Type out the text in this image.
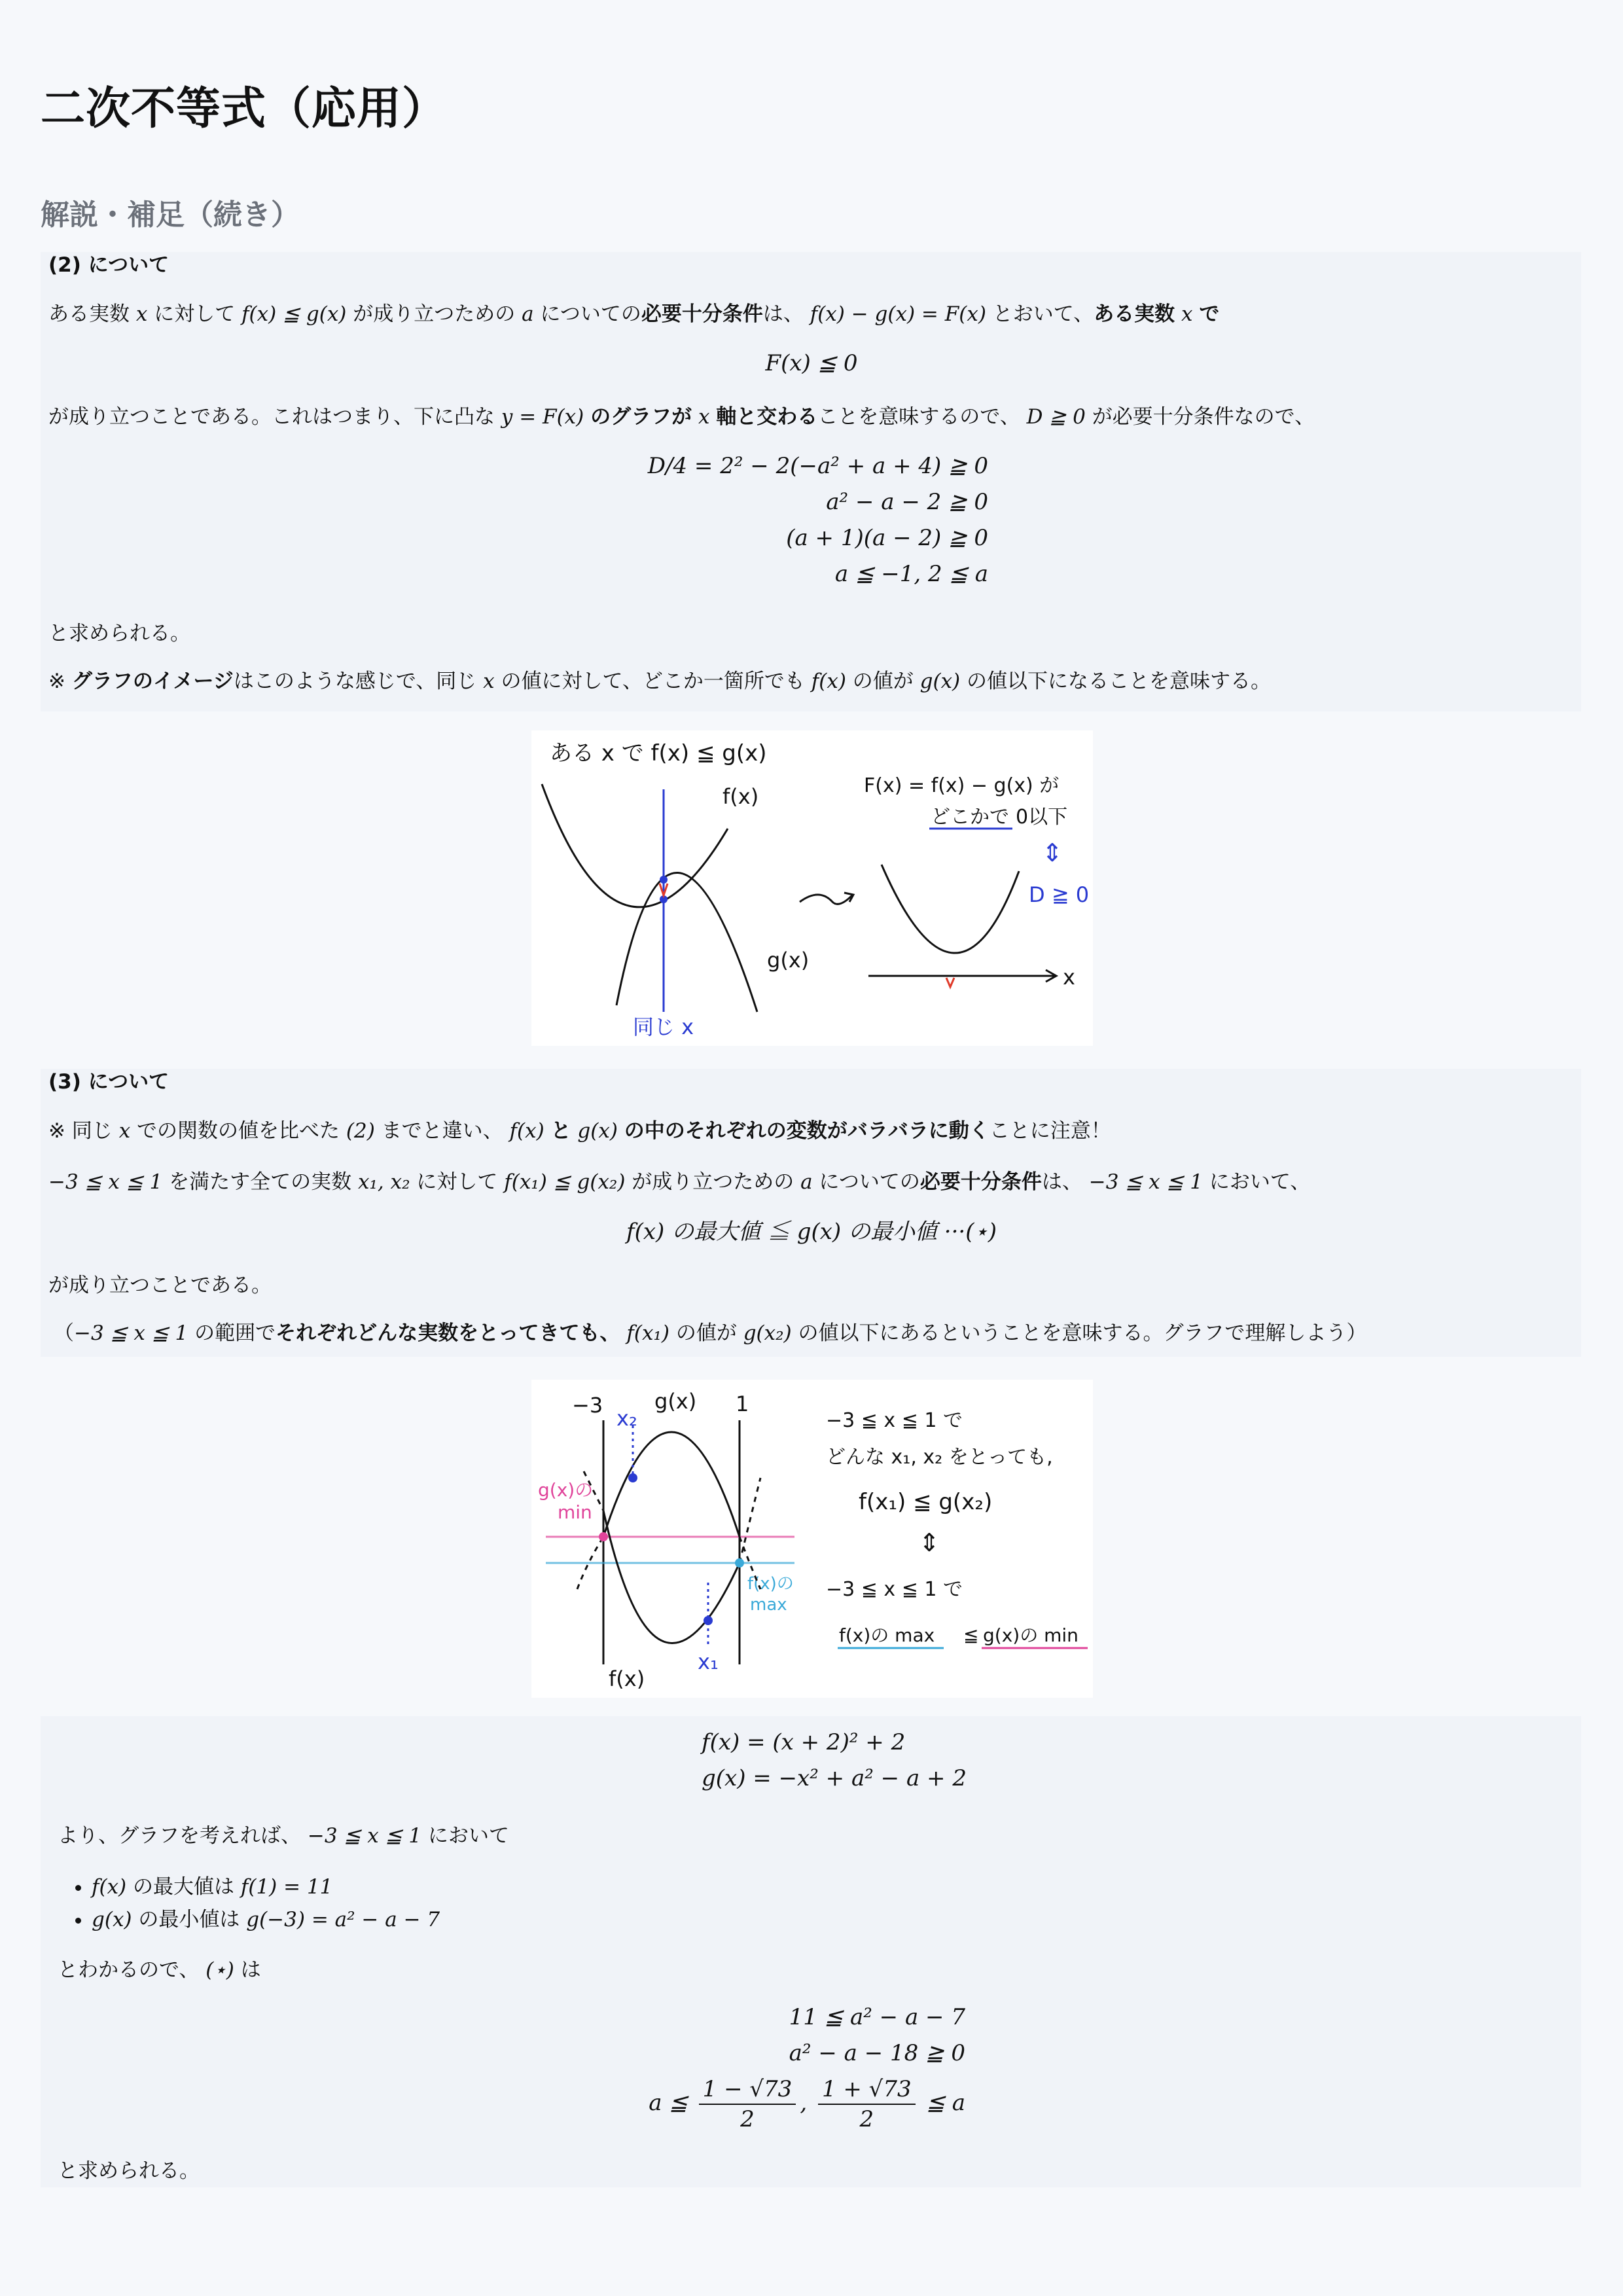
二次不等式（応用）
解説・補足（続き）
(2) について
ある実数 x に対して f(x) ≦ g(x) が成り立つための a についての必要十分条件は、 f(x) − g(x) = F(x) とおいて、ある実数 x で
F(x) ≦ 0
が成り立つことである。これはつまり、下に凸な y = F(x) のグラフが x 軸と交わることを意味するので、 D ≧ 0 が必要十分条件なので、
D/4 = 2² − 2(−a² + a + 4) ≧ 0
a² − a − 2 ≧ 0
(a + 1)(a − 2) ≧ 0
a ≦ −1, 2 ≦ a
と求められる。
※ グラフのイメージはこのような感じで、同じ x の値に対して、どこか一箇所でも f(x) の値が g(x) の値以下になることを意味する。
ある x で f(x) ≦ g(x)
f(x)
g(x)
同じ x
F(x) = f(x) − g(x) が
どこかで 0以下
⇕
D ≧ 0
x
(3) について
※ 同じ x での関数の値を比べた (2) までと違い、 f(x) と g(x) の中のそれぞれの変数がバラバラに動くことに注意！
−3 ≦ x ≦ 1 を満たす全ての実数 x₁, x₂ に対して f(x₁) ≦ g(x₂) が成り立つための a についての必要十分条件は、 −3 ≦ x ≦ 1 において、
f(x) の最大値 ≦ g(x) の最小値 ···(⋆)
が成り立つことである。
（−3 ≦ x ≦ 1 の範囲でそれぞれどんな実数をとってきても、 f(x₁) の値が g(x₂) の値以下にあるということを意味する。グラフで理解しよう）
−3	1
x₂
g(x)
g(x)の
min
f(x)の
max
x₁
f(x)
−3 ≦ x ≦ 1 で
どんな x₁, x₂ をとっても,
f(x₁) ≦ g(x₂)
⇕
−3 ≦ x ≦ 1 で
f(x)の max ≦ g(x)の min
f(x) = (x + 2)² + 2
g(x) = −x² + a² − a + 2
より、グラフを考えれば、 −3 ≦ x ≦ 1 において
• f(x) の最大値は f(1) = 11
• g(x) の最小値は g(−3) = a² − a − 7
とわかるので、 (⋆) は
11 ≦ a² − a − 7
a² − a − 18 ≧ 0
a ≦ $\frac{1 - √73}{2}$ , $\frac{1 + √73}{2}$ ≦ a
と求められる。
